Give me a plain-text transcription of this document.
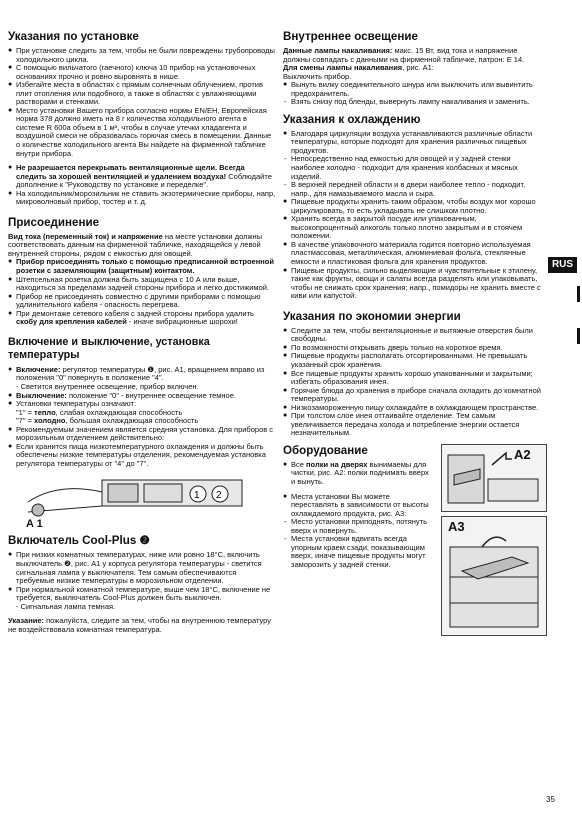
Указания по установке

● При установке следить за тем, чтобы не были повреждены трубопроводы холодильного цикла.

● С помощью вильчатого (гаечного) ключа 10 прибор на установочных основаниях прочно и ровно выровнять в нише.

● Избегайте места в областях с прямым солнечным облучением, против плит отопления или подобного, а также в областях с увлажняющими растворами и стенками.

● Место установки Вашего прибора согласно нормы EN/EH, Европейская норма 378 должно иметь на 8 г количества холодильного агента в системе R 600а объем в 1 м³, чтобы в случае утечки хладагента и воздушной смеси не образовалась горючая смесь в помещении. Данные о количестве холодильного агента Вы найдете на фирменной табличке внутри прибора.

● Не разрешается перекрывать вентиляционные щели. Всегда следить за хорошей вентиляцией и удалением воздуха! Соблюдайте дополнение к "Руководству по установке и переделке".

● На холодильник/морозильник не ставить экзотермические приборы, напр, микроволновый прибор, тостер и т. д.

Присоединение

Вид тока (переменный ток) и напряжение на месте установки должны соответствовать данным на фирменной табличке, находящейся у левой внутренней стороны, рядом с емкостью для овощей.

● Прибор присоединять только с помощью предписанной встроенной розетки с заземляющим (защитным) контактом.

● Штепсельная розетка должна быть защищена с 10 А или выше, находиться за пределами задней стороны прибора и легко достижимой.

● Прибор не присоединять совместно с другими приборами с помощью удлинительного кабеля - опасность перегрева.

● При демонтаже сетевого кабеля с задней стороны прибора удалить скобу для крепления кабелей - иначе вибрационные шорохи!

Включение и выключение, установка температуры

● Включение: регулятор температуры ❶, рис. A1, вращением вправо из положения "0" повернуть в положение "4".

- Светится внутреннее освещение, прибор включен.

● Выключение: положение "0" - внутреннее освещение темное.

● Установки температуры означают:

"1" = тепло, слабая охлаждающая способность

"7" = холодно, большая охлаждающая способность

● Рекомендуемым значением является средняя установка. Для приборов с морозильным отделением действительно:

● Если хранится пища низкотемпературного охлаждения и должны быть обеспечены низкие температуры отделения, рекомендуемая установка регулятора температуры от "4" до "7".

1 2
A 1
Включатель Cool-Plus ❷

● При низких комнатных температурах, ниже или ровно 18°C, включить выключатель ❷, рис. A1 у корпуса регулятора температуры - светится сигнальная лампа у выключателя. Тем самым обеспечиваются требуемые низкие температуры в морозильном отделении.

● При нормальной комнатной температуре, выше чем 18°C, включение не требуется, выключатель Cool-Plus должен быть выключен.

- Сигнальная лампа темная.

Указание: пожалуйста, следите за тем, чтобы на внутреннюю температуру не воздействовала комнатная температура.

Внутреннее освещение

Данные лампы накаливания: макс. 15 Вт, вид тока и напряжение должны совпадать с данными на фирменной табличке, патрон: E 14.

Для смены лампы накаливания, рис. A1:

Выключить прибор.

● Вынуть вилку соединительного шнура или выключить или вывинтить предохранитель.

- Взять снизу под бленды, вывернуть лампу накаливания и заменить.

Указания к охлаждению

● Благодаря циркуляции воздуха устанавливаются различные области температуры, которые подходят для хранения различных пищевых продуктов.

- Непосредственно над емкостью для овощей и у задней стенки наиболее холодно - подходит для хранения колбасных и мясных изделий.

- В верхней передней области и в двери наиболее тепло - подходит, напр., для намазываемого масла и сыра.

● Пищевые продукты хранить таким образом, чтобы воздух мог хорошо циркулировать, то есть укладывать не слишком плотно.

● Хранить всегда в закрытой посуде или упакованным, высокопроцентный алкоголь только плотно закрытым и в стоячем положении.

● В качестве упаковочного материала годится повторно используемая пластмассовая, металлическая, алюминиевая фольга, стеклянные емкости и пластиковая фольга для хранения продуктов.

● Пищевые продукты, сильно выделяющие и чувствительные к этилену, такие как фрукты, овощи и салаты всегда разделять или упаковывать, чтобы не снижать срок хранения; напр., помидоры не хранить вместе с киви или капустой.

Указания по экономии энергии

● Следите за тем, чтобы вентиляционные и вытяжные отверстия были свободны.

● По возможности открывать дверь только на короткое время.

● Пищевые продукты располагать отсортированными. Не превышать указанный срок хранения.

● Все пищевые продукты хранить хорошо упакованными и закрытыми; избегать образования инея.

● Горячие блюда до хранения в приборе сначала охладить до комнатной температуры.

● Низкозамороженную пищу охлаждайте в охлаждающем пространстве.

● При толстом слое инея оттаивайте отделение. Тем самым увеличивается передача холода и потребление энергии остается незначительным.

Оборудование

● Все полки на дверях вынимаемы для чистки, рис. A2: полки поднимать вверх и вынуть.

● Места установки Вы можете переставлять в зависимости от высоты охлаждаемого продукта, рис. A3:

- Место установки приподнять, потянуть вверх и повернуть.

- Места установки вдвигать всегда упорным краем сзади, показывающим вверх, иначе пищевые продукты могут заморозить у задней стенки.

A2
A3
RUS
35
